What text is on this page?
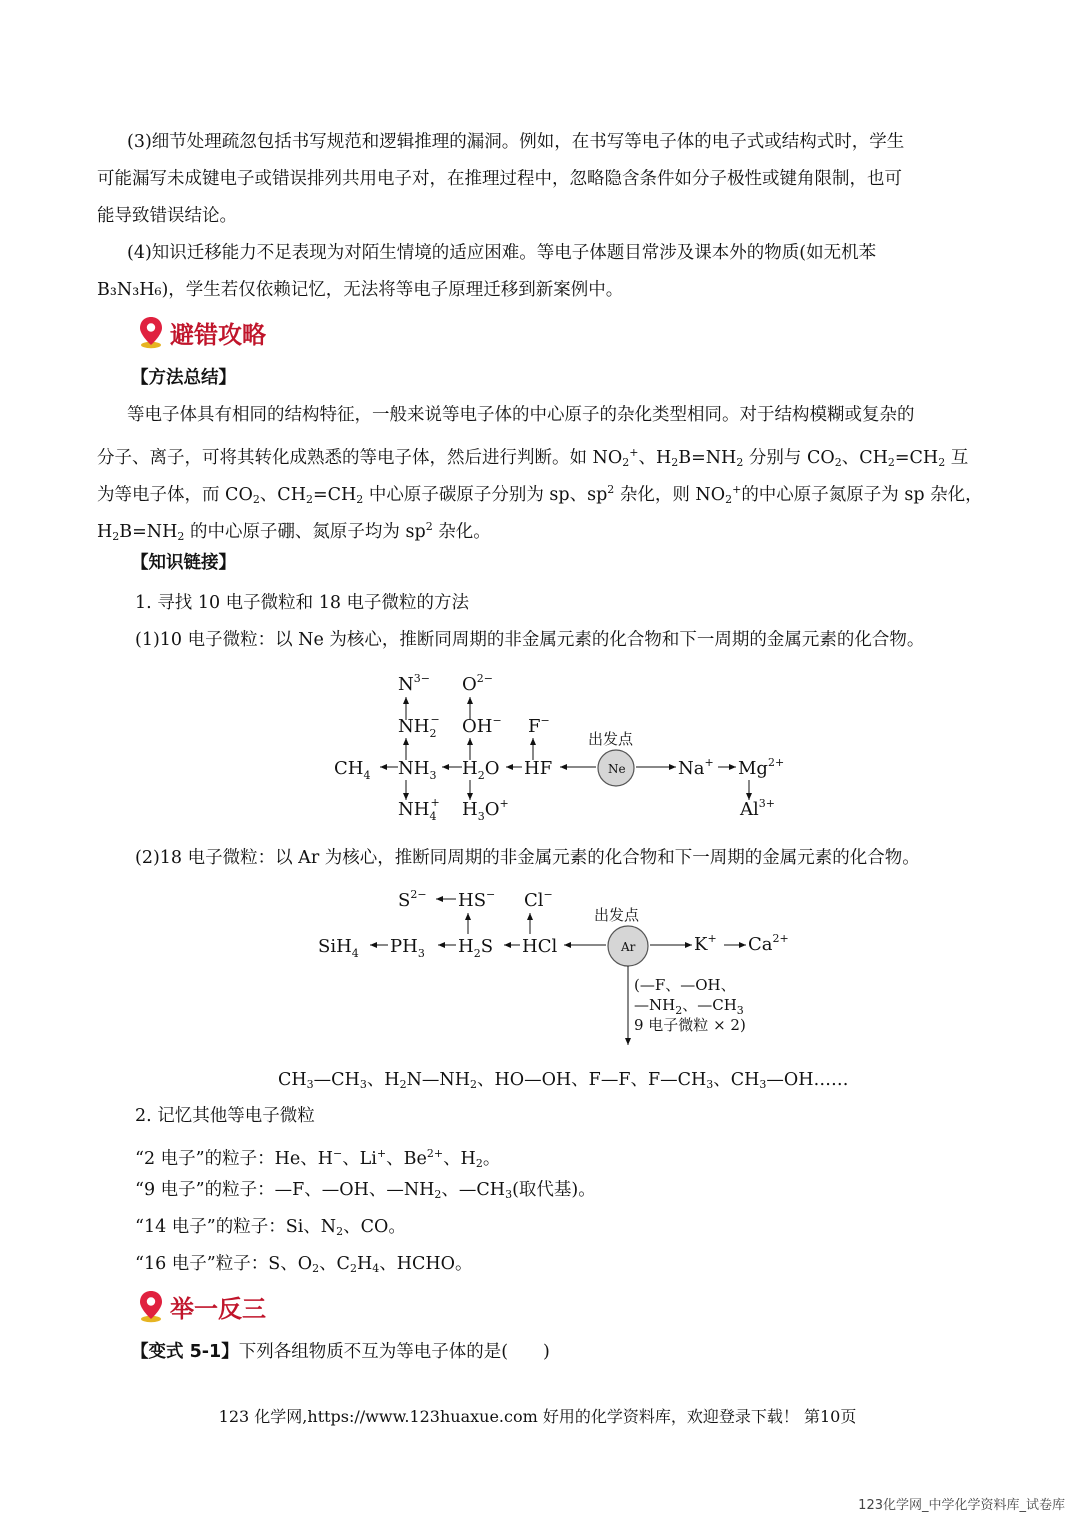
(3)细节处理疏忽包括书写规范和逻辑推理的漏洞。例如，在书写等电子体的电子式或结构式时，学生

可能漏写未成键电子或错误排列共用电子对，在推理过程中，忽略隐含条件如分子极性或键角限制，也可

能导致错误结论。

(4)知识迁移能力不足表现为对陌生情境的适应困难。等电子体题目常涉及课本外的物质(如无机苯

B₃N₃H₆)，学生若仅依赖记忆，无法将等电子原理迁移到新案例中。

避错攻略

【方法总结】

等电子体具有相同的结构特征，一般来说等电子体的中心原子的杂化类型相同。对于结构模糊或复杂的

分子、离子，可将其转化成熟悉的等电子体，然后进行判断。如 $NO_2^+$、$H_2B=NH_2$ 分别与 $CO_2$、$CH_2=CH_2$ 互

为等电子体，而 $CO_2$、$CH_2=CH_2$ 中心原子碳原子分别为 sp、$sp^2$ 杂化，则 $NO_2^+$的中心原子氮原子为 sp 杂化，

$H_2B=NH_2$ 的中心原子硼、氮原子均为 $sp^2$ 杂化。

【知识链接】

1. 寻找 10 电子微粒和 18 电子微粒的方法

(1)10 电子微粒：以 Ne 为核心，推断同周期的非金属元素的化合物和下一周期的金属元素的化合物。

$N^{3-}$ $O^{2-}$
$NH_2- OH^-$ F−
出发点
$CH_4$ $NH_3$ $H_2O$ HF	Ne	Na+ $Mg^{2+}$
$NH_4+ H_3O^+$	$Al^{3+}$

(2)18 电子微粒：以 Ar 为核心，推断同周期的非金属元素的化合物和下一周期的金属元素的化合物。

$S^{2-}$ HS− Cl−
出发点
SiH$_4$ $PH_3$ $H_2S$ HCl	Ar	K+ $Ca^{2+}$
(—F、—OH、
$—NH_2$、$—CH_3$
9 电子微粒 × 2)

$CH_3—CH_3$、$H_2N—NH_2$、HO—OH、F—F、$F—CH_3$、$CH_3—OH\dots\dots$

2. 记忆其他等电子微粒

“2 电子”的粒子：He、H−、Li+、$Be^{2+}$、$H_2$。

“9 电子”的粒子：—F、—OH、$—NH_2$、$—CH_3$(取代基)。

“14 电子”的粒子：Si、$N_2$、CO。

“16 电子”粒子：S、$O_2$、$C_2H_4$、HCHO。

举一反三

【变式 5-1】下列各组物质不互为等电子体的是(　　)

123 化学网,https://www.123huaxue.com 好用的化学资料库，欢迎登录下载！ 第10页
123化学网_中学化学资料库_试卷库
